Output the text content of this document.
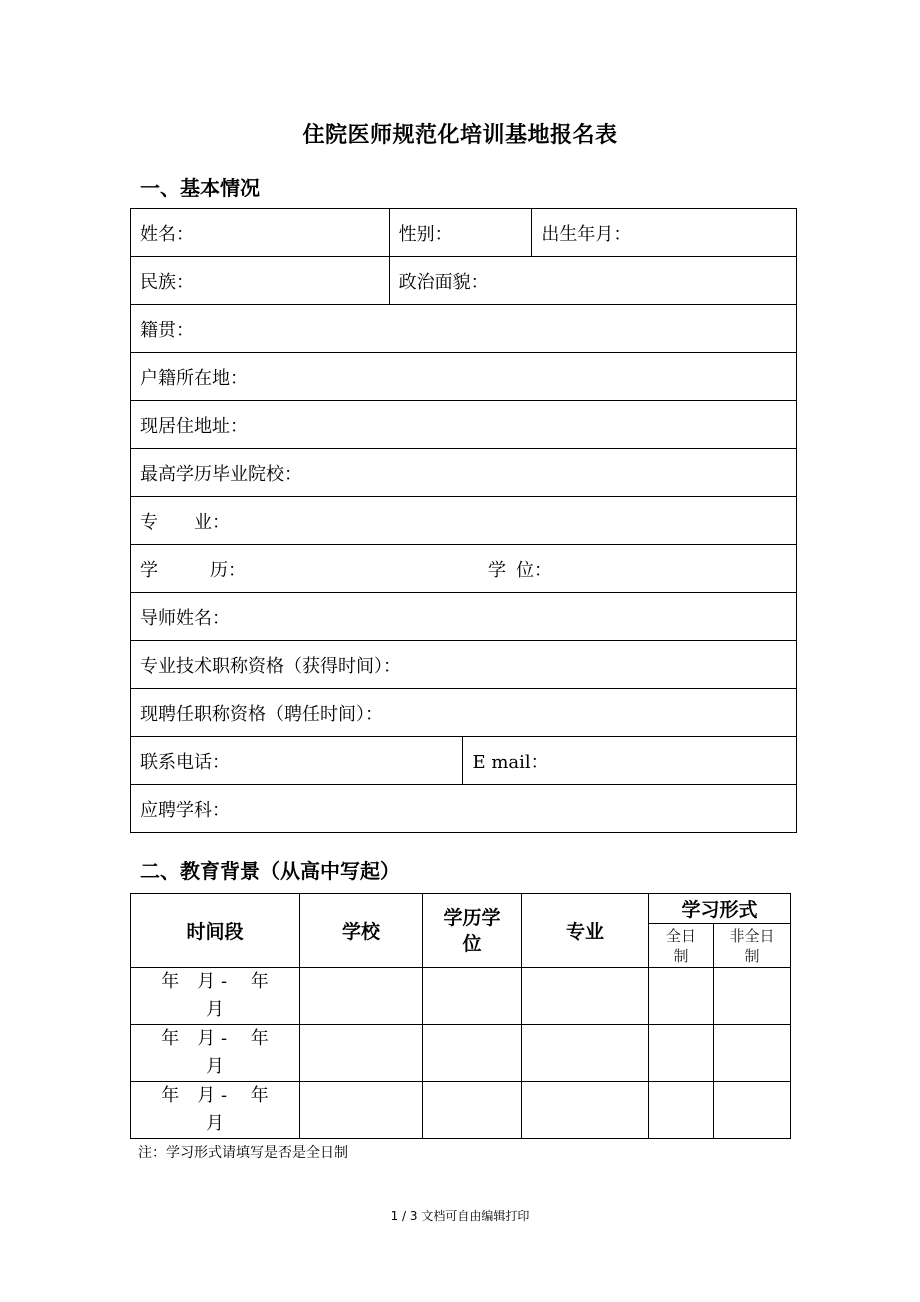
住院医师规范化培训基地报名表
一、基本情况
姓名：	性别：		出生年月：
民族：	政治面貌：		
籍贯：			
户籍所在地：			
现居住地址：			
最高学历毕业院校：			
专 业：			
学 历： 学 位：			
导师姓名：			
专业技术职称资格（获得时间）：			
现聘任职称资格（聘任时间）：			
联系电话：		E mail：	
应聘学科：			
二、教育背景（从高中写起）
时间段	学校	学历学位	专业	学习形式	
				全日制	非全日制

年　月 - 　年
月					

年　月 - 　年
月					

年　月 - 　年
月					

注：学习形式请填写是否是全日制
1 / 3 文档可自由编辑打印
